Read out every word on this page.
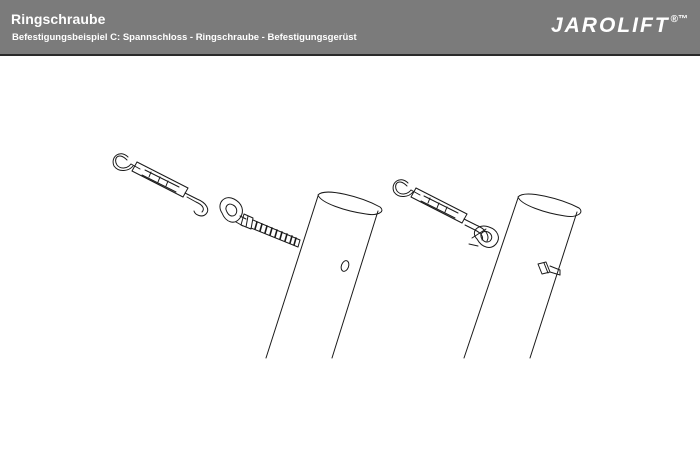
Ringschraube
Befestigungsbeispiel C: Spannschloss - Ringschraube - Befestigungsgerüst
JAROLIFT®™
